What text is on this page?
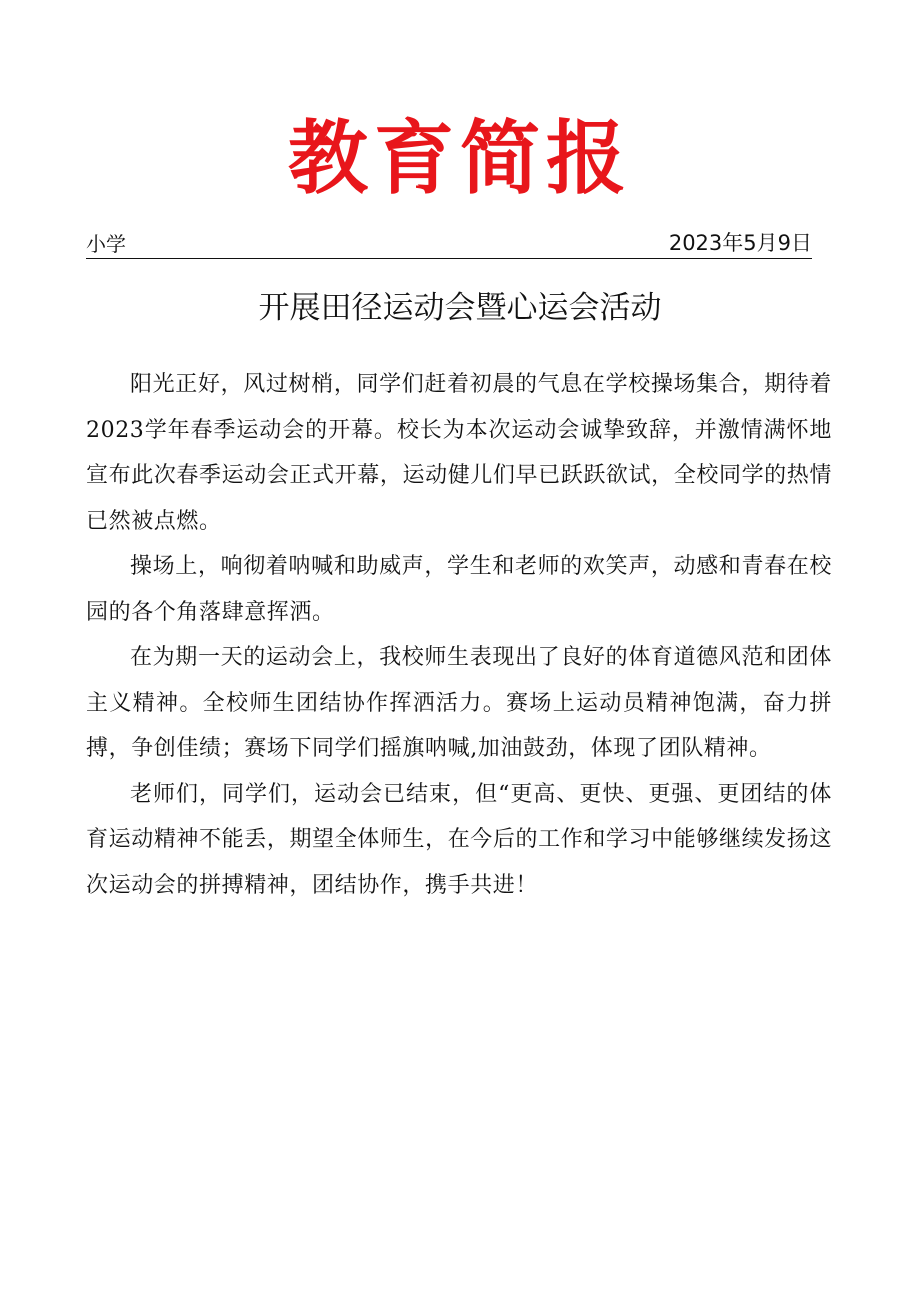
教育简报
小学	2023年5月9日
开展田径运动会暨心运会活动

阳光正好，风过树梢，同学们赶着初晨的气息在学校操场集合，期待着2023学年春季运动会的开幕。校长为本次运动会诚挚致辞，并激情满怀地宣布此次春季运动会正式开幕，运动健儿们早已跃跃欲试，全校同学的热情已然被点燃。

操场上，响彻着呐喊和助威声，学生和老师的欢笑声，动感和青春在校园的各个角落肆意挥洒。

在为期一天的运动会上，我校师生表现出了良好的体育道德风范和团体主义精神。全校师生团结协作挥洒活力。赛场上运动员精神饱满，奋力拼搏，争创佳绩；赛场下同学们摇旗呐喊,加油鼓劲，体现了团队精神。

老师们，同学们，运动会已结束，但“更高、更快、更强、更团结的体育运动精神不能丢，期望全体师生，在今后的工作和学习中能够继续发扬这次运动会的拼搏精神，团结协作，携手共进！
